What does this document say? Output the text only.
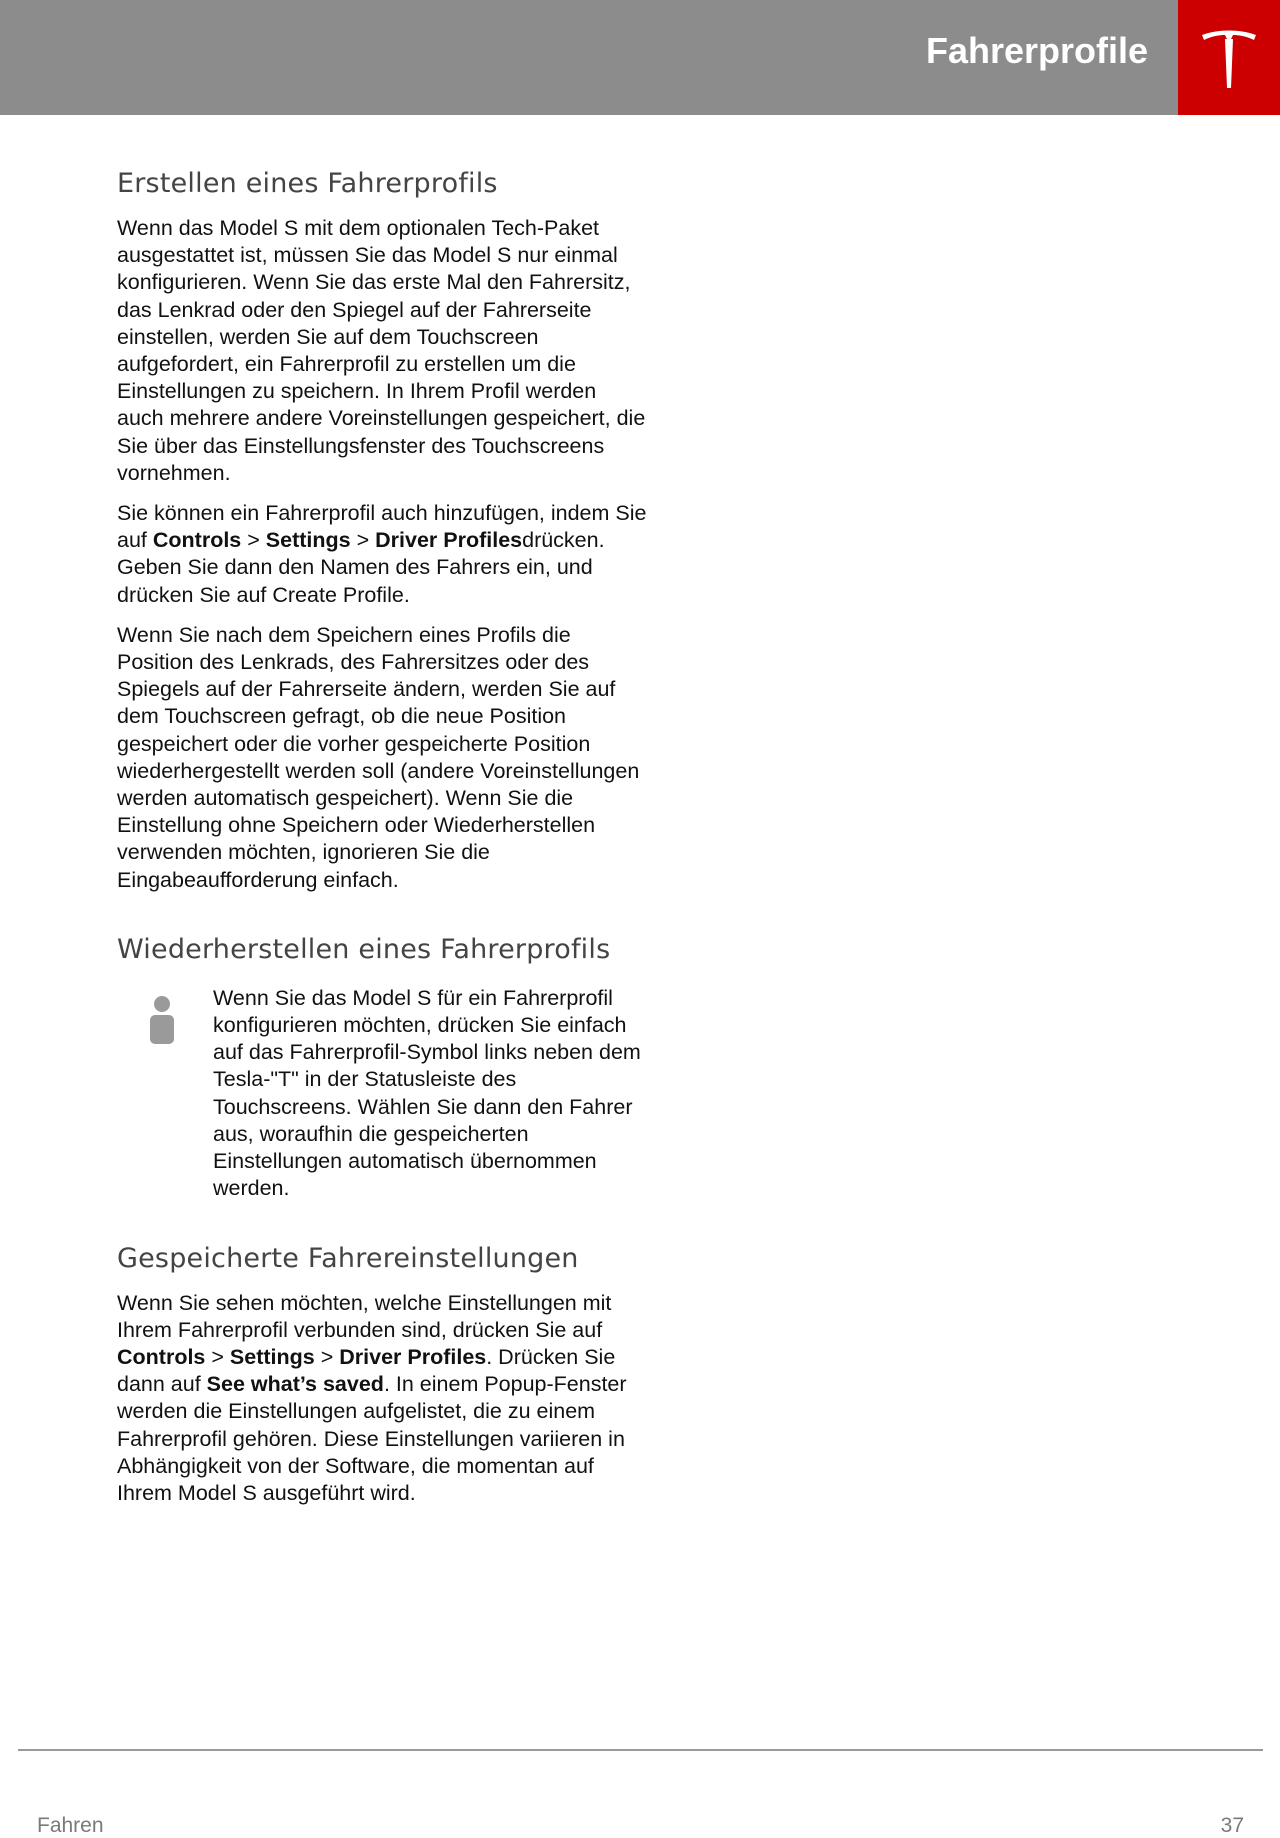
Fahrerprofile
Erstellen eines Fahrerprofils

Wenn das Model S mit dem optionalen Tech-Paket ausgestattet ist, müssen Sie das Model S nur einmal konfigurieren. Wenn Sie das erste Mal den Fahrersitz, das Lenkrad oder den Spiegel auf der Fahrerseite einstellen, werden Sie auf dem Touchscreen aufgefordert, ein Fahrerprofil zu erstellen um die Einstellungen zu speichern. In Ihrem Profil werden auch mehrere andere Voreinstellungen gespeichert, die Sie über das Einstellungsfenster des Touchscreens vornehmen.

Sie können ein Fahrerprofil auch hinzufügen, indem Sie auf Controls > Settings > Driver Profilesdrücken. Geben Sie dann den Namen des Fahrers ein, und drücken Sie auf Create Profile.

Wenn Sie nach dem Speichern eines Profils die Position des Lenkrads, des Fahrersitzes oder des Spiegels auf der Fahrerseite ändern, werden Sie auf dem Touchscreen gefragt, ob die neue Position gespeichert oder die vorher gespeicherte Position wiederhergestellt werden soll (andere Voreinstellungen werden automatisch gespeichert). Wenn Sie die Einstellung ohne Speichern oder Wiederherstellen verwenden möchten, ignorieren Sie die Eingabeaufforderung einfach.

Wiederherstellen eines Fahrerprofils

Wenn Sie das Model S für ein Fahrerprofil konfigurieren möchten, drücken Sie einfach auf das Fahrerprofil-Symbol links neben dem Tesla-"T" in der Statusleiste des Touchscreens. Wählen Sie dann den Fahrer aus, woraufhin die gespeicherten Einstellungen automatisch übernommen werden.

Gespeicherte Fahrereinstellungen

Wenn Sie sehen möchten, welche Einstellungen mit Ihrem Fahrerprofil verbunden sind, drücken Sie auf Controls > Settings > Driver Profiles. Drücken Sie dann auf See what’s saved. In einem Popup-Fenster werden die Einstellungen aufgelistet, die zu einem Fahrerprofil gehören. Diese Einstellungen variieren in Abhängigkeit von der Software, die momentan auf Ihrem Model S ausgeführt wird.

Fahren	37
